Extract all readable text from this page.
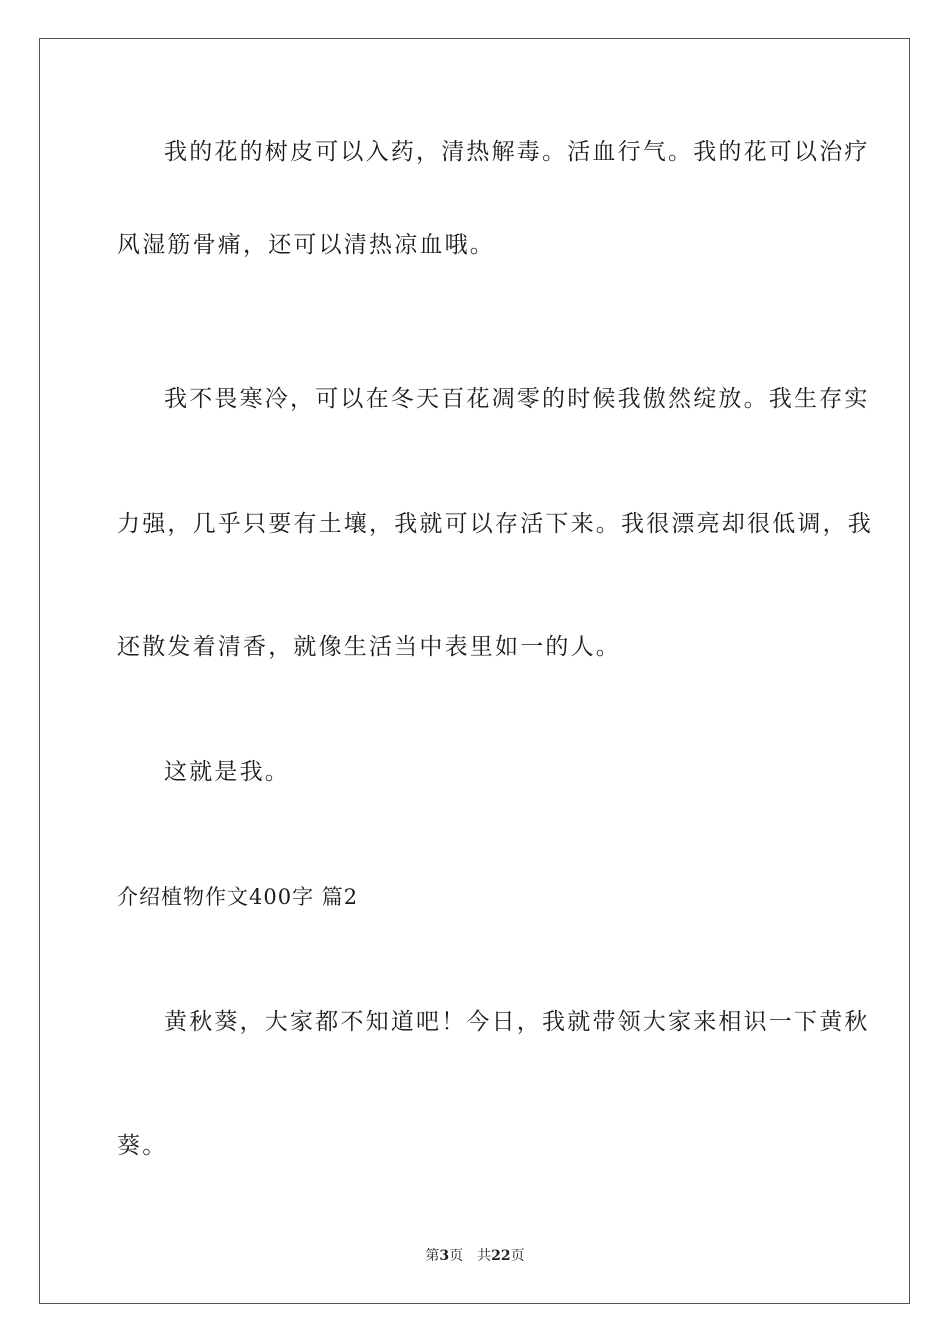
我的花的树皮可以入药，清热解毒。活血行气。我的花可以治疗
风湿筋骨痛，还可以清热凉血哦。
我不畏寒冷，可以在冬天百花凋零的时候我傲然绽放。我生存实
力强，几乎只要有土壤，我就可以存活下来。我很漂亮却很低调，我
还散发着清香，就像生活当中表里如一的人。
这就是我。
介绍植物作文400字 篇2
黄秋葵，大家都不知道吧！今日，我就带领大家来相识一下黄秋
葵。
第3页 共22页
